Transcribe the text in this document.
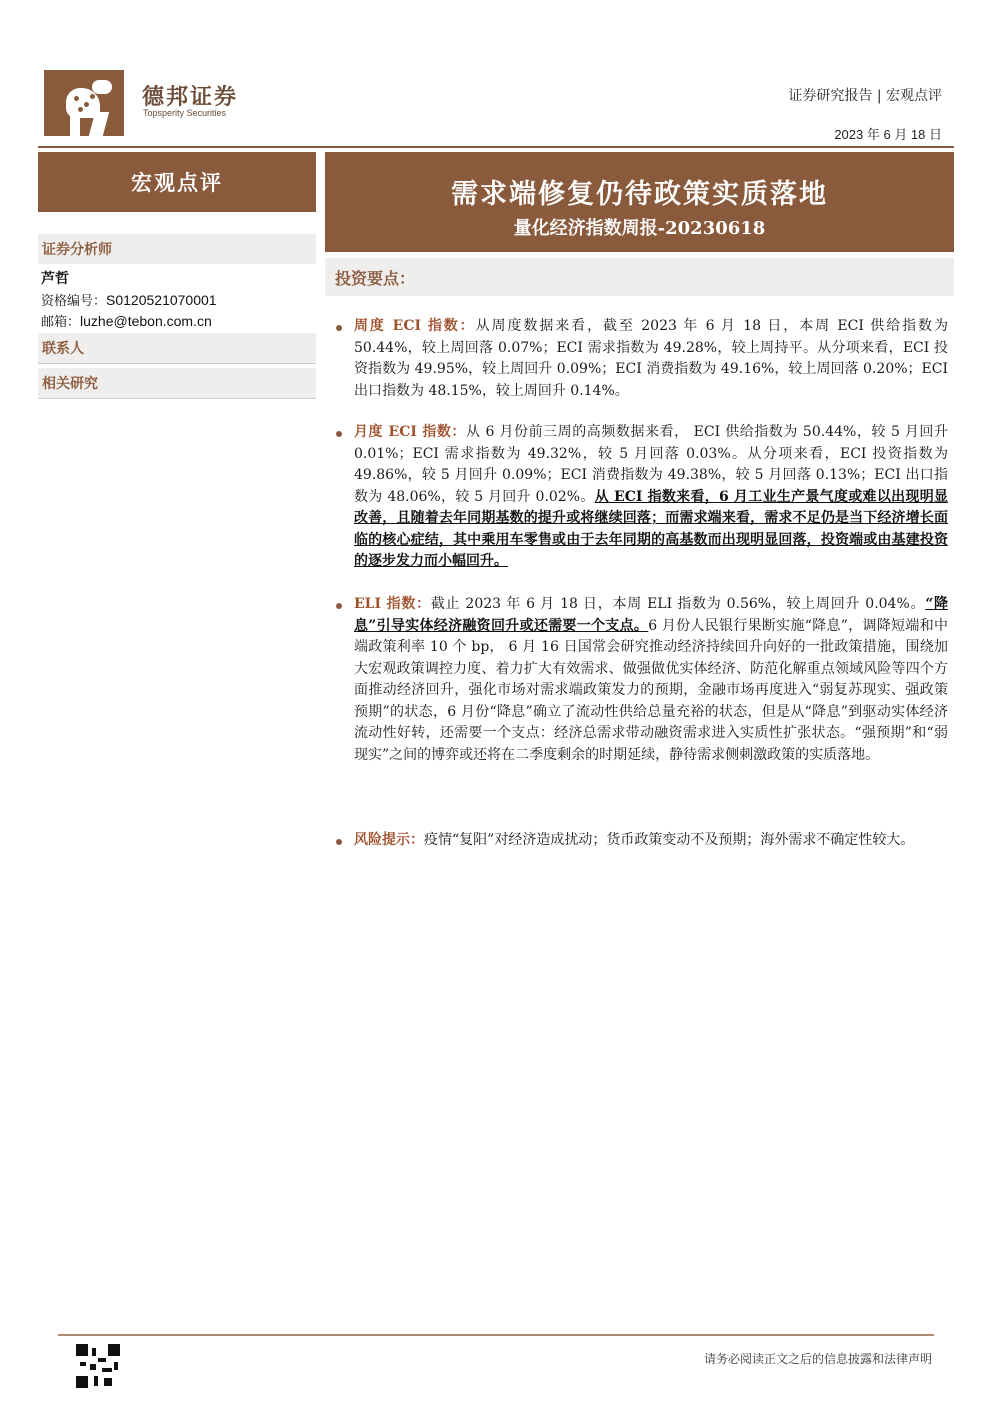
德邦证券
Topsperity Securities
证券研究报告 | 宏观点评
2023 年 6 月 18 日
宏观点评
证券分析师
芦哲
资格编号：S0120521070001
邮箱：luzhe@tebon.com.cn
联系人
相关研究
需求端修复仍待政策实质落地
量化经济指数周报-20230618
投资要点：
周度 ECI 指数：从周度数据来看，截至 2023 年 6 月 18 日，本周 ECI 供给指数为 50.44%，较上周回落 0.07%；ECI 需求指数为 49.28%，较上周持平。从分项来看，ECI 投资指数为 49.95%，较上周回升 0.09%；ECI 消费指数为 49.16%，较上周回落 0.20%；ECI 出口指数为 48.15%，较上周回升 0.14%。
月度 ECI 指数：从 6 月份前三周的高频数据来看， ECI 供给指数为 50.44%，较 5 月回升 0.01%；ECI 需求指数为 49.32%，较 5 月回落 0.03%。从分项来看，ECI 投资指数为 49.86%，较 5 月回升 0.09%；ECI 消费指数为 49.38%，较 5 月回落 0.13%；ECI 出口指数为 48.06%，较 5 月回升 0.02%。从 ECI 指数来看，6 月工业生产景气度或难以出现明显改善，且随着去年同期基数的提升或将继续回落；而需求端来看，需求不足仍是当下经济增长面临的核心症结，其中乘用车零售或由于去年同期的高基数而出现明显回落，投资端或由基建投资的逐步发力而小幅回升。
ELI 指数：截止 2023 年 6 月 18 日，本周 ELI 指数为 0.56%，较上周回升 0.04%。“降息”引导实体经济融资回升或还需要一个支点。6 月份人民银行果断实施“降息”，调降短端和中端政策利率 10 个 bp， 6 月 16 日国常会研究推动经济持续回升向好的一批政策措施，围绕加大宏观政策调控力度、着力扩大有效需求、做强做优实体经济、防范化解重点领域风险等四个方面推动经济回升，强化市场对需求端政策发力的预期，金融市场再度进入“弱复苏现实、强政策预期”的状态，6 月份“降息”确立了流动性供给总量充裕的状态，但是从“降息”到驱动实体经济流动性好转，还需要一个支点：经济总需求带动融资需求进入实质性扩张状态。“强预期”和“弱现实”之间的博弈或还将在二季度剩余的时期延续，静待需求侧刺激政策的实质落地。
风险提示：疫情“复阳”对经济造成扰动；货币政策变动不及预期；海外需求不确定性较大。
请务必阅读正文之后的信息披露和法律声明
